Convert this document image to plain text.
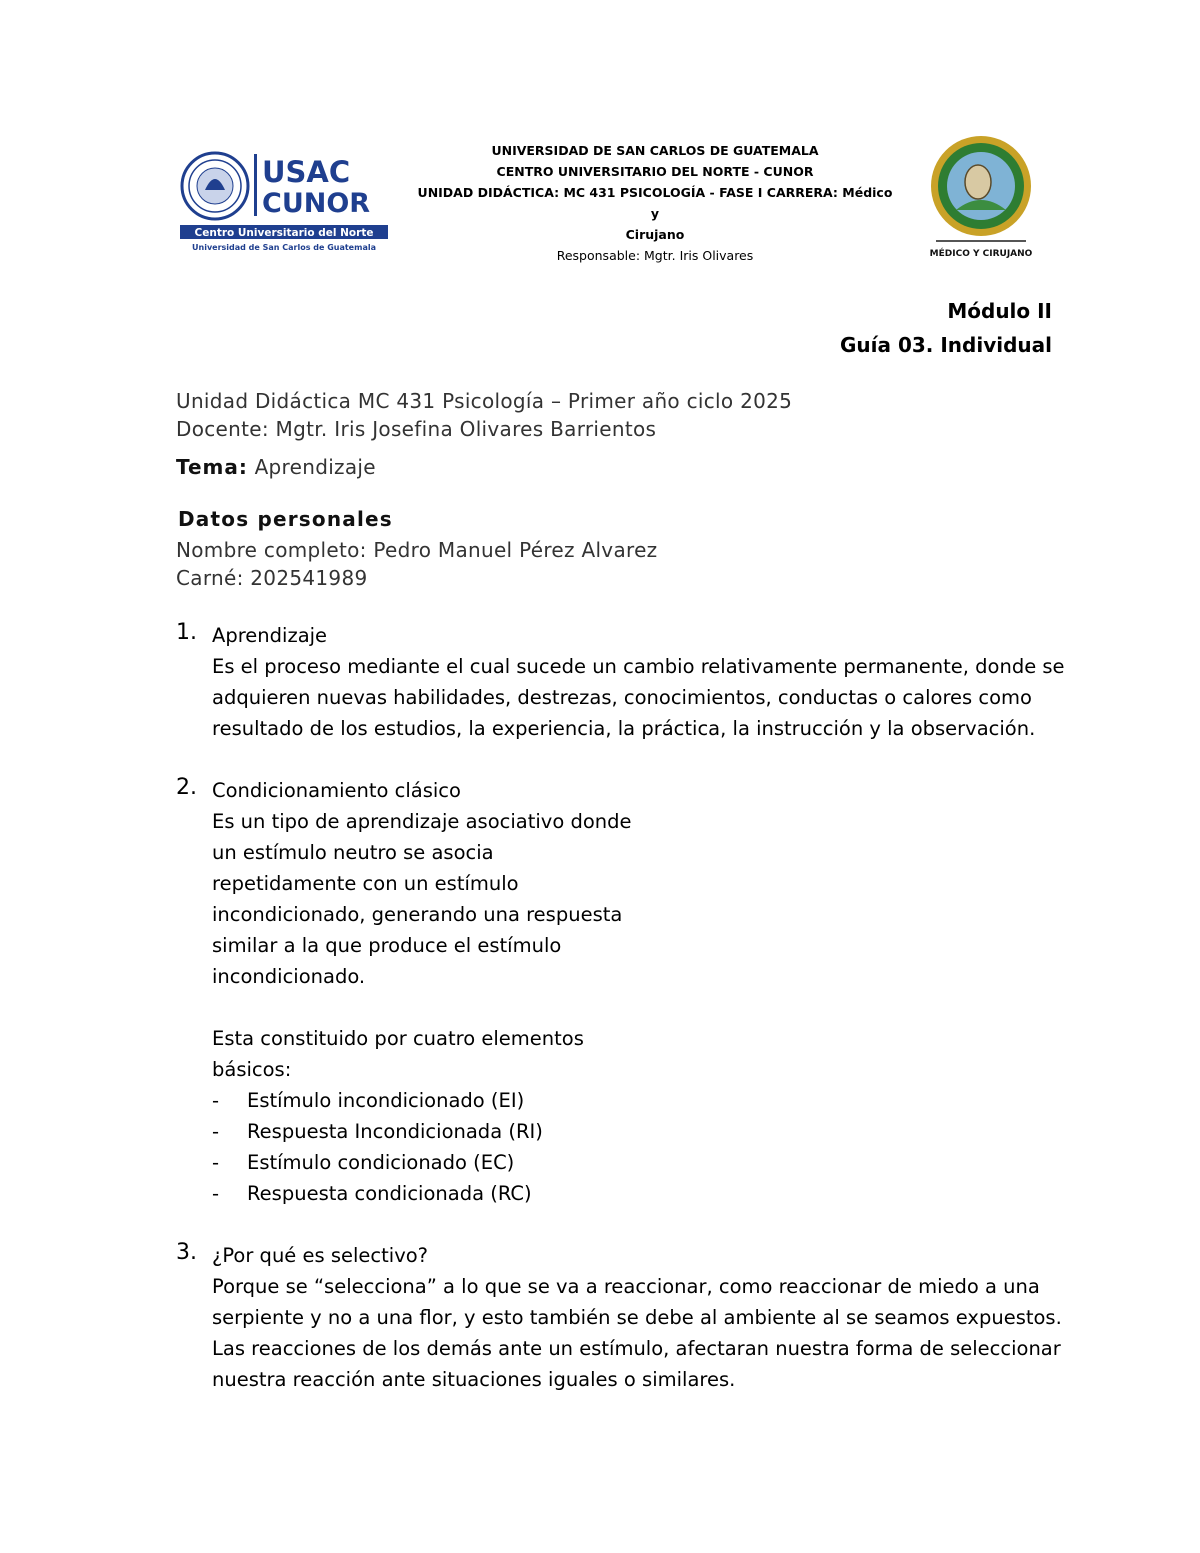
USAC
CUNOR
Centro Universitario del Norte
Universidad de San Carlos de Guatemala
UNIVERSIDAD DE SAN CARLOS DE GUATEMALA
CENTRO UNIVERSITARIO DEL NORTE - CUNOR
UNIDAD DIDÁCTICA: MC 431 PSICOLOGÍA - FASE I CARRERA: Médico y
Cirujano
Responsable: Mgtr. Iris Olivares	MÉDICO Y CIRUJANO
Módulo II
Guía 03. Individual
Unidad Didáctica MC 431 Psicología – Primer año ciclo 2025
Docente: Mgtr. Iris Josefina Olivares Barrientos
Tema: Aprendizaje
Datos personales
Nombre completo: Pedro Manuel Pérez Alvarez
Carné: 202541989
1. Aprendizaje
Es el proceso mediante el cual sucede un cambio relativamente permanente, donde se
adquieren nuevas habilidades, destrezas, conocimientos, conductas o calores como
resultado de los estudios, la experiencia, la práctica, la instrucción y la observación.
2. Condicionamiento clásico
Es un tipo de aprendizaje asociativo donde
un estímulo neutro se asocia
repetidamente con un estímulo
incondicionado, generando una respuesta
similar a la que produce el estímulo
incondicionado.
Esta constituido por cuatro elementos
básicos:
-	Estímulo incondicionado (EI)
-	Respuesta Incondicionada (RI)
-	Estímulo condicionado (EC)
-	Respuesta condicionada (RC)
3. ¿Por qué es selectivo?
Porque se “selecciona” a lo que se va a reaccionar, como reaccionar de miedo a una
serpiente y no a una flor, y esto también se debe al ambiente al se seamos expuestos.
Las reacciones de los demás ante un estímulo, afectaran nuestra forma de seleccionar
nuestra reacción ante situaciones iguales o similares.
